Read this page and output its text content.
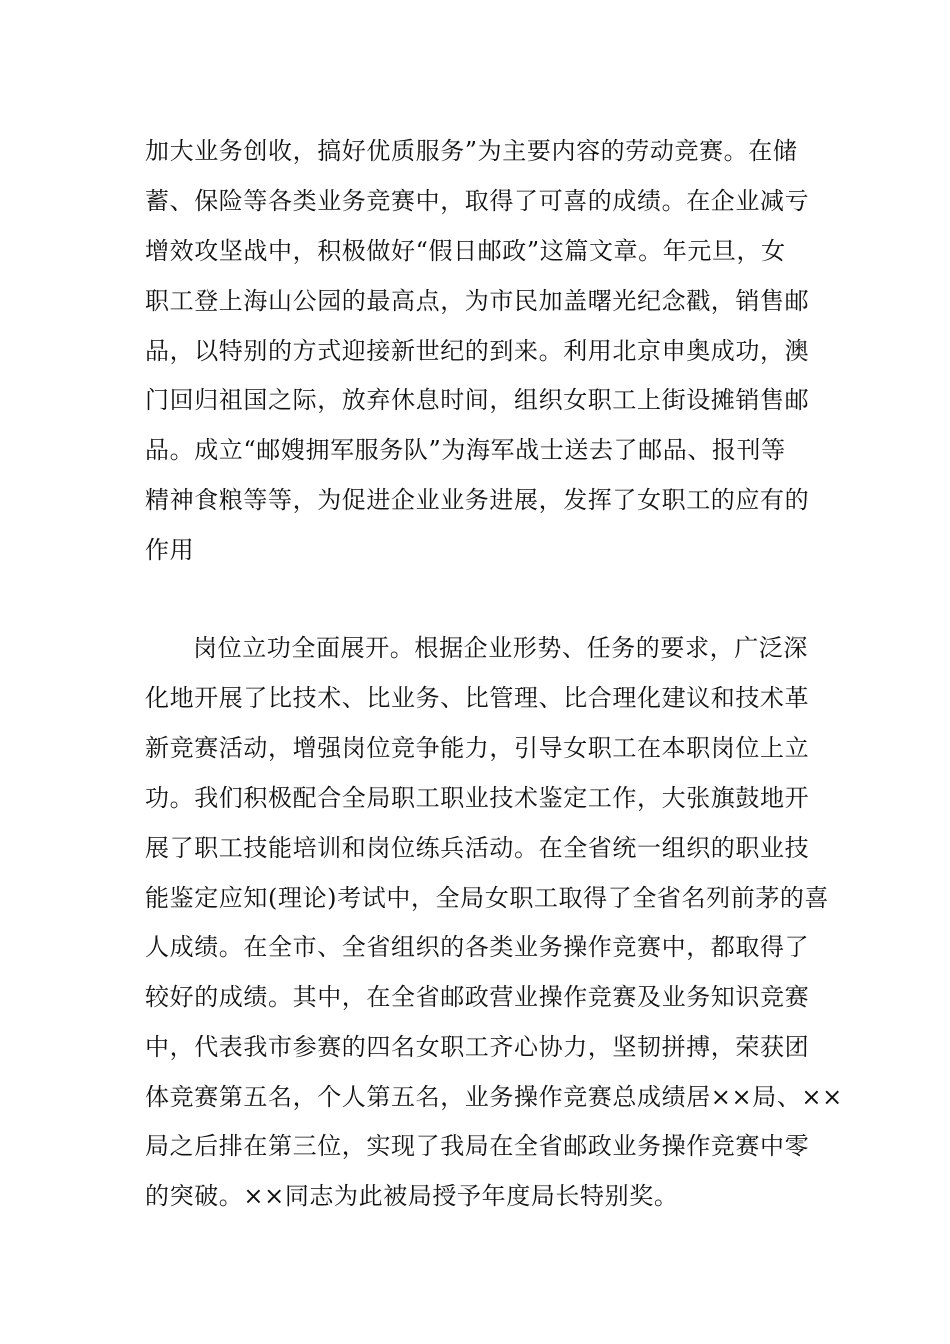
加大业务创收，搞好优质服务”为主要内容的劳动竞赛。在储
蓄、保险等各类业务竞赛中，取得了可喜的成绩。在企业减亏
增效攻坚战中，积极做好“假日邮政”这篇文章。年元旦，女
职工登上海山公园的最高点，为市民加盖曙光纪念戳，销售邮
品，以特别的方式迎接新世纪的到来。利用北京申奥成功，澳
门回归祖国之际，放弃休息时间，组织女职工上街设摊销售邮
品。成立“邮嫂拥军服务队”为海军战士送去了邮品、报刊等
精神食粮等等，为促进企业业务进展，发挥了女职工的应有的
作用
岗位立功全面展开。根据企业形势、任务的要求，广泛深
化地开展了比技术、比业务、比管理、比合理化建议和技术革
新竞赛活动，增强岗位竞争能力，引导女职工在本职岗位上立
功。我们积极配合全局职工职业技术鉴定工作，大张旗鼓地开
展了职工技能培训和岗位练兵活动。在全省统一组织的职业技
能鉴定应知(理论)考试中，全局女职工取得了全省名列前茅的喜
人成绩。在全市、全省组织的各类业务操作竞赛中，都取得了
较好的成绩。其中，在全省邮政营业操作竞赛及业务知识竞赛
中，代表我市参赛的四名女职工齐心协力，坚韧拼搏，荣获团
体竞赛第五名，个人第五名，业务操作竞赛总成绩居××局、××
局之后排在第三位，实现了我局在全省邮政业务操作竞赛中零
的突破。××同志为此被局授予年度局长特别奖。
